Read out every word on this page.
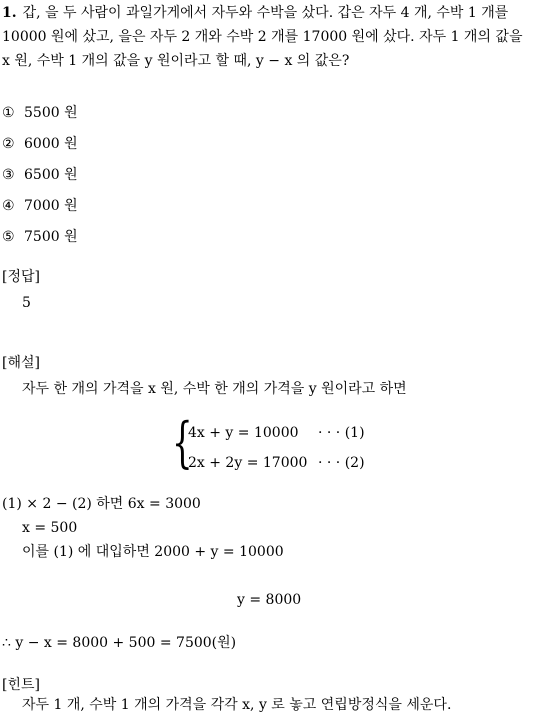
1. 갑, 을 두 사람이 과일가게에서 자두와 수박을 샀다. 갑은 자두 4 개, 수박 1 개를 10000 원에 샀고, 을은 자두 2 개와 수박 2 개를 17000 원에 샀다. 자두 1 개의 값을 x 원, 수박 1 개의 값을 y 원이라고 할 때, y − x 의 값은?
① 5500 원
② 6000 원
③ 6500 원
④ 7000 원
⑤ 7500 원
[정답]
5
[해설]
자두 한 개의 가격을 x 원, 수박 한 개의 가격을 y 원이라고 하면
{
4x + y = 10000 · · · (1)
2x + 2y = 17000 · · · (2)
(1) × 2 − (2) 하면 6x = 3000
x = 500
이를 (1) 에 대입하면 2000 + y = 10000
y = 8000
∴ y − x = 8000 + 500 = 7500(원)
[힌트]
자두 1 개, 수박 1 개의 가격을 각각 x, y 로 놓고 연립방정식을 세운다.
